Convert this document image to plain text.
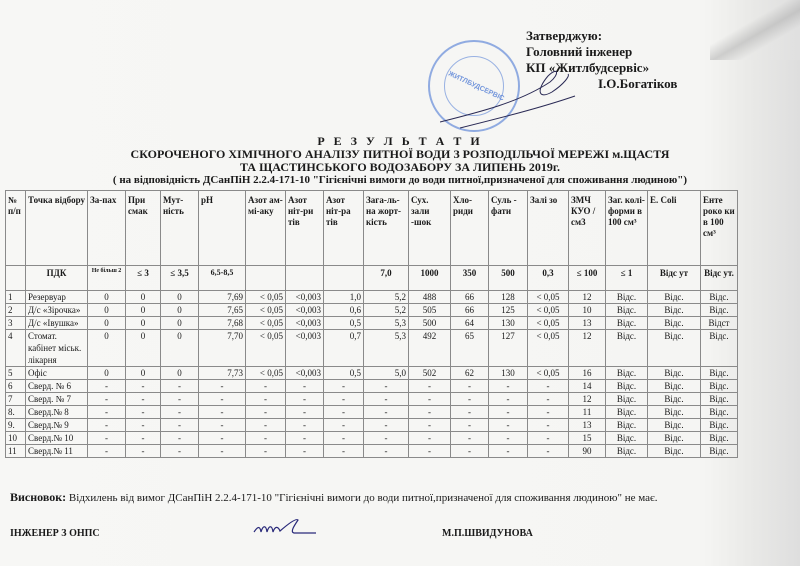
ЖИТЛБУДСЕРВІС
Затверджую:
Головний інженер
КП «Житлбудсервіс»
І.О.Богатіков
Р Е З У Л Ь Т А Т И
СКОРОЧЕНОГО ХІМІЧНОГО АНАЛІЗУ ПИТНОЇ ВОДИ З РОЗПОДІЛЬЧОЇ МЕРЕЖІ м.ЩАСТЯ
ТА ЩАСТИНСЬКОГО ВОДОЗАБОРУ ЗА ЛИПЕНЬ 2019г.
( на відповідність ДСанПіН 2.2.4-171-10 "Гігієнічні вимоги до води питної,призначеної для споживання людиною")
№ п/п	Точка відбору	За-пах	При смак	Мут-ність	pH	Азот ам-мі-аку	Азот ніт-ри тів	Азот ніт-ра тів	Зага-ль-на жорт-кість	Сух. зали -шок	Хло-риди	Суль - фати	Залі зо	ЗМЧ КУО / см3	Заг. колі-форми в 100 см³	Е. Coli	Енте роко ки в 100 см³
	ПДК	Не більш 2	≤ 3	≤ 3,5	6,5-8,5				7,0	1000	350	500	0,3	≤ 100	≤ 1	Відс ут	Відс ут.
1	Резервуар	0	0	0	7,69	< 0,05	<0,003	1,0	5,2	488	66	128	< 0,05	12	Відс.	Відс.	Відс.
2	Д/с «Зірочка»	0	0	0	7,65	< 0,05	<0,003	0,6	5,2	505	66	125	< 0,05	10	Відс.	Відс.	Відс.
3	Д/с «Івушка»	0	0	0	7,68	< 0,05	<0,003	0,5	5,3	500	64	130	< 0,05	13	Відс.	Відс.	Відст
4	Стомат. кабінет міськ. лікарня	0	0	0	7,70	< 0,05	<0,003	0,7	5,3	492	65	127	< 0,05	12	Відс.	Відс.	Відс.
5	Офіс	0	0	0	7,73	< 0,05	<0,003	0,5	5,0	502	62	130	< 0,05	16	Відс.	Відс.	Відс.
6	Сверд. № 6	-	-	-	-	-	-	-	-	-	-	-	-	14	Відс.	Відс.	Відс.
7	Сверд. № 7	-	-	-	-	-	-	-	-	-	-	-	-	12	Відс.	Відс.	Відс.
8.	Сверд.№ 8	-	-	-	-	-	-	-	-	-	-	-	-	11	Відс.	Відс.	Відс.
9.	Сверд.№ 9	-	-	-	-	-	-	-	-	-	-	-	-	13	Відс.	Відс.	Відс.
10	Сверд.№ 10	-	-	-	-	-	-	-	-	-	-	-	-	15	Відс.	Відс.	Відс.
11	Сверд.№ 11	-	-	-	-	-	-	-	-	-	-	-	-	90	Відс.	Відс.	Відс.
Висновок: Відхилень від вимог ДСанПіН 2.2.4-171-10 "Гігієнічні вимоги до води питної,призначеної для споживання людиною" не має.
ІНЖЕНЕР З ОНПС	М.П.ШВИДУНОВА
